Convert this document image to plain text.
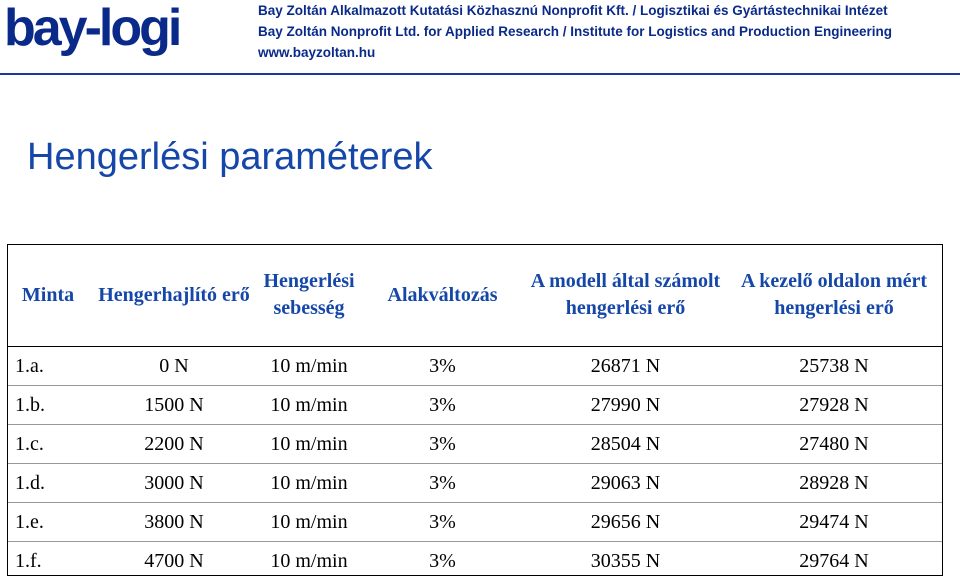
bay-logi	Bay Zoltán Alkalmazott Kutatási Közhasznú Nonprofit Kft. / Logisztikai és Gyártástechnikai Intézet
Bay Zoltán Nonprofit Ltd. for Applied Research / Institute for Logistics and Production Engineering
www.bayzoltan.hu
Hengerlési paraméterek
Minta	Hengerhajlító erő	Hengerlési sebesség	Alakváltozás	A modell által számolt hengerlési erő	A kezelő oldalon mért hengerlési erő
1.a.	0 N	10 m/min	3%	26871 N	25738 N
1.b.	1500 N	10 m/min	3%	27990 N	27928 N
1.c.	2200 N	10 m/min	3%	28504 N	27480 N
1.d.	3000 N	10 m/min	3%	29063 N	28928 N
1.e.	3800 N	10 m/min	3%	29656 N	29474 N
1.f.	4700 N	10 m/min	3%	30355 N	29764 N
